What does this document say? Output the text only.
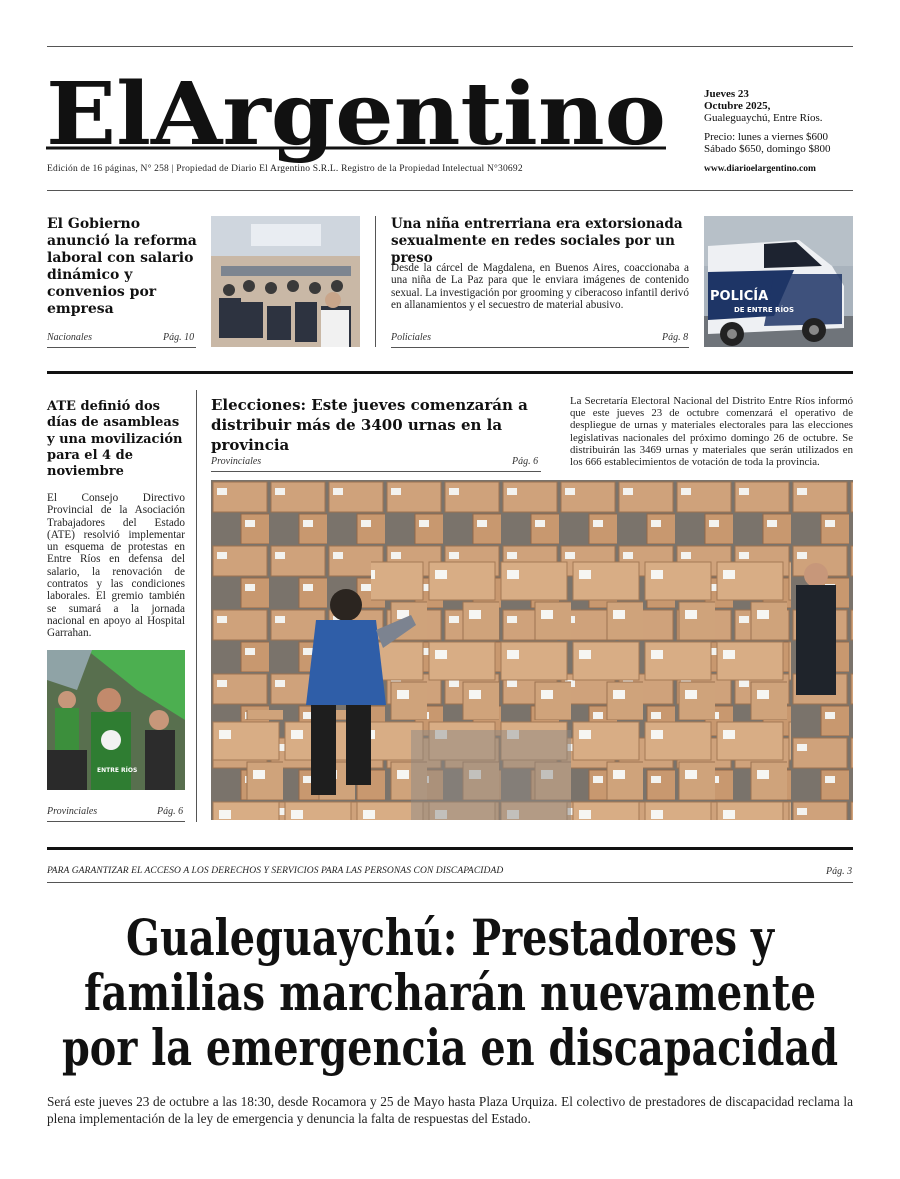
ElArgentino	Jueves 23
Octubre 2025,
Gualeguaychú, Entre Ríos.
Precio: lunes a viernes $600
Sábado $650, domingo $800
Edición de 16 páginas, N° 258 | Propiedad de Diario El Argentino S.R.L. Registro de la Propiedad Intelectual N°30692	www.diarioelargentino.com
El Gobierno anunció la reforma laboral con salario dinámico y convenios por empresa
Nacionales	Pág. 10
Una niña entrerriana era extorsionada sexualmente en redes sociales por un preso
Desde la cárcel de Magdalena, en Buenos Aires, coaccionaba a una niña de La Paz para que le enviara imágenes de contenido sexual. La investigación por grooming y ciberacoso infantil derivó en allanamientos y el secuestro de material abusivo.
Policiales	Pág. 8
POLICÍA
DE ENTRE RÍOS
ATE definió dos días de asambleas y una movilización para el 4 de noviembre
El Consejo Directivo Provincial de la Asociación Trabajadores del Estado (ATE) resolvió implementar un esquema de protestas en Entre Ríos en defensa del salario, la renovación de contratos y las condiciones laborales. El gremio también se sumará a la jornada nacional en apoyo al Hospital Garrahan.
ENTRE RÍOS
Provinciales	Pág. 6
Elecciones: Este jueves comenzarán a distribuir más de 3400 urnas en la provincia
Provinciales	Pág. 6
La Secretaría Electoral Nacional del Distrito Entre Ríos informó que este jueves 23 de octubre comenzará el operativo de despliegue de urnas y materiales electorales para las elecciones legislativas nacionales del próximo domingo 26 de octubre. Se distribuirán las 3469 urnas y materiales que serán utilizados en los 666 establecimientos de votación de toda la provincia.
PARA GARANTIZAR EL ACCESO A LOS DERECHOS Y SERVICIOS PARA LAS PERSONAS CON DISCAPACIDAD	Pág. 3
Gualeguaychú: Prestadores y
familias marcharán nuevamente
por la emergencia en discapacidad
Será este jueves 23 de octubre a las 18:30, desde Rocamora y 25 de Mayo hasta Plaza Urquiza. El colectivo de prestadores de discapacidad reclama la plena implementación de la ley de emergencia y denuncia la falta de respuestas del Estado.
